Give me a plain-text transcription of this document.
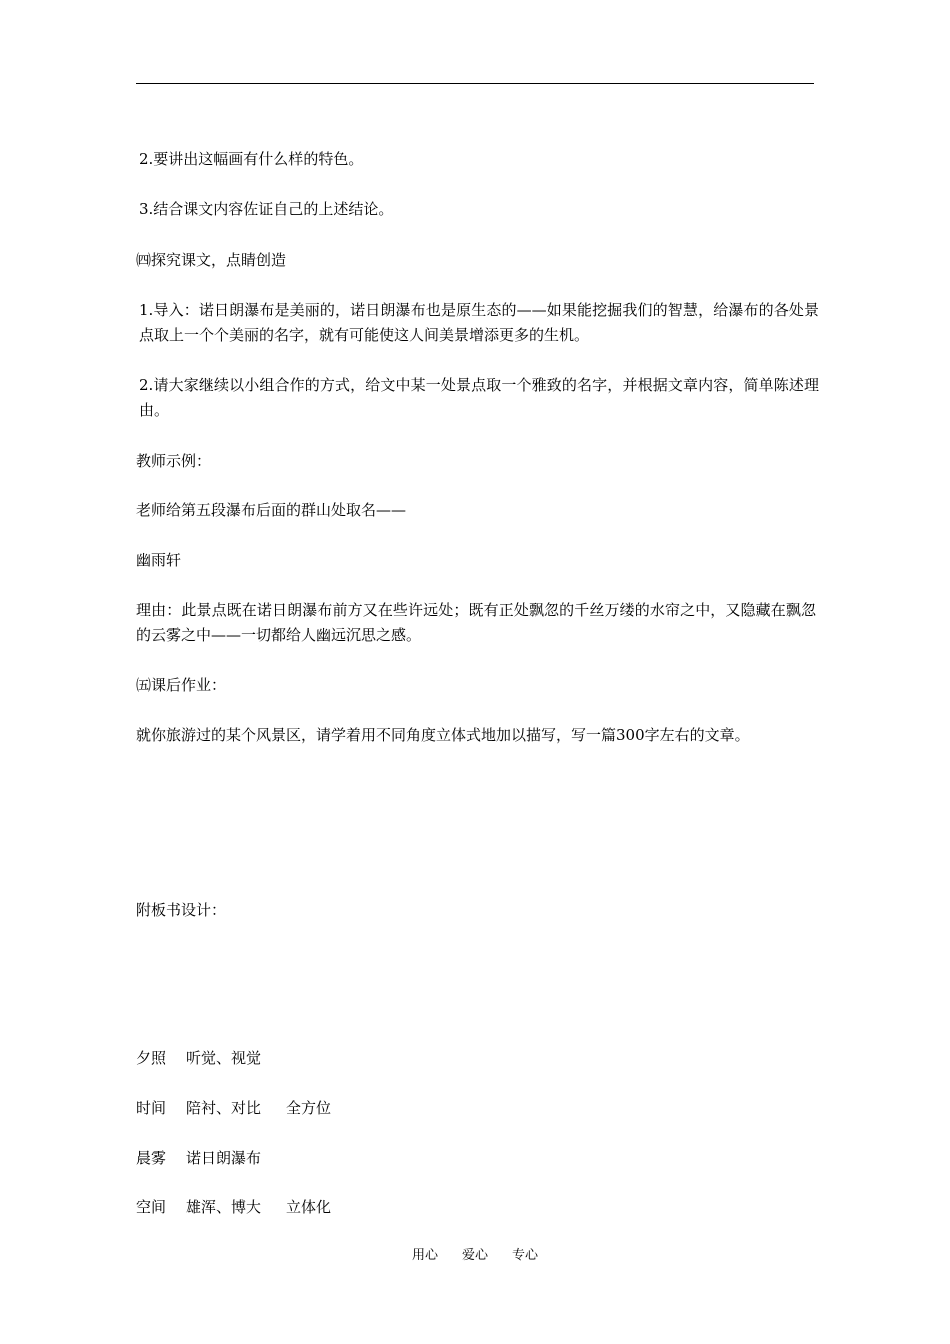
2.要讲出这幅画有什么样的特色。
3.结合课文内容佐证自己的上述结论。
㈣探究课文，点睛创造
1.导入：诺日朗瀑布是美丽的，诺日朗瀑布也是原生态的——如果能挖掘我们的智慧，给瀑布的各处景点取上一个个美丽的名字，就有可能使这人间美景增添更多的生机。
2.请大家继续以小组合作的方式，给文中某一处景点取一个雅致的名字，并根据文章内容，简单陈述理由。
教师示例：
老师给第五段瀑布后面的群山处取名——
幽雨轩
理由：此景点既在诺日朗瀑布前方又在些许远处；既有正处飘忽的千丝万缕的水帘之中，又隐藏在飘忽的云雾之中——一切都给人幽远沉思之感。
㈤课后作业：
就你旅游过的某个风景区，请学着用不同角度立体式地加以描写，写一篇300字左右的文章。
附板书设计：
夕照 听觉、视觉
时间 陪衬、对比 全方位
晨雾 诺日朗瀑布
空间 雄浑、博大 立体化
用心 爱心 专心
